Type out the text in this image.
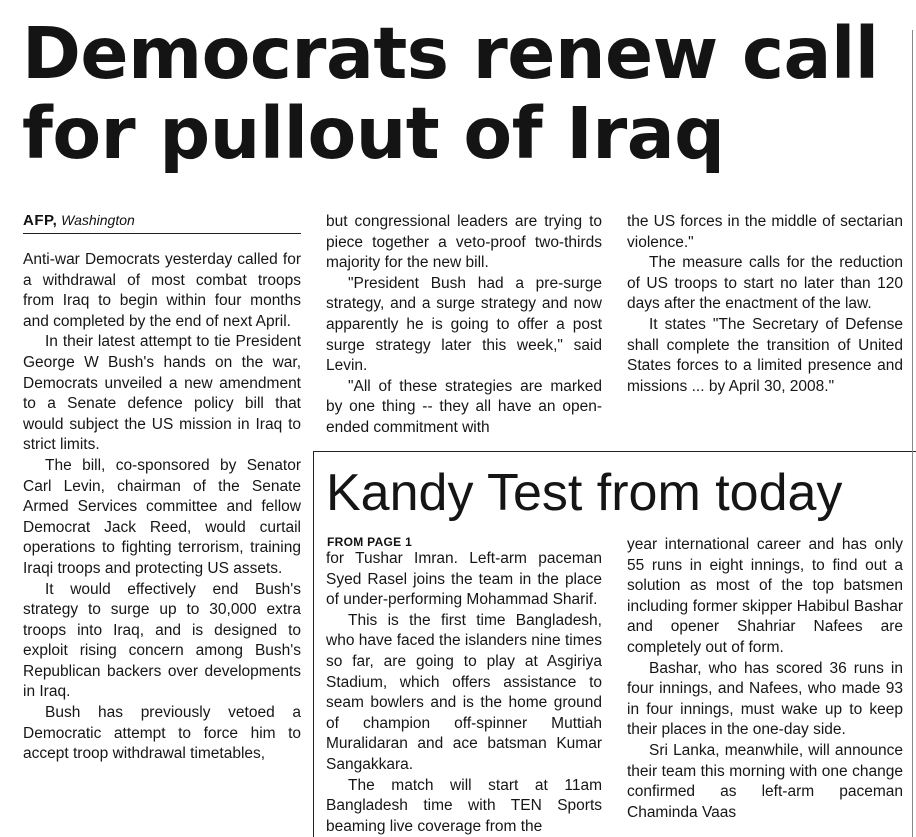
Democrats renew call for pullout of Iraq
AFP, Washington

Anti-war Democrats yesterday called for a withdrawal of most combat troops from Iraq to begin within four months and completed by the end of next April.

In their latest attempt to tie President George W Bush's hands on the war, Democrats unveiled a new amendment to a Senate defence policy bill that would subject the US mission in Iraq to strict limits.

The bill, co-sponsored by Senator Carl Levin, chairman of the Senate Armed Services committee and fellow Democrat Jack Reed, would curtail operations to fighting terrorism, training Iraqi troops and protecting US assets.

It would effectively end Bush's strategy to surge up to 30,000 extra troops into Iraq, and is designed to exploit rising concern among Bush's Republican backers over developments in Iraq.

Bush has previously vetoed a Democratic attempt to force him to accept troop withdrawal timetables,

but congressional leaders are trying to piece together a veto-proof two-thirds majority for the new bill.

"President Bush had a pre-surge strategy, and a surge strategy and now apparently he is going to offer a post surge strategy later this week," said Levin.

"All of these strategies are marked by one thing -- they all have an open-ended commitment with

the US forces in the middle of sectarian violence."

The measure calls for the reduction of US troops to start no later than 120 days after the enactment of the law.

It states "The Secretary of Defense shall complete the transition of United States forces to a limited presence and missions ... by April 30, 2008."

Kandy Test from today
FROM PAGE 1

for Tushar Imran. Left-arm paceman Syed Rasel joins the team in the place of under-performing Mohammad Sharif.

This is the first time Bangladesh, who have faced the islanders nine times so far, are going to play at Asgiriya Stadium, which offers assistance to seam bowlers and is the home ground of champion off-spinner Muttiah Muralidaran and ace batsman Kumar Sangakkara.

The match will start at 11am Bangladesh time with TEN Sports beaming live coverage from the

year international career and has only 55 runs in eight innings, to find out a solution as most of the top batsmen including former skipper Habibul Bashar and opener Shahriar Nafees are completely out of form.

Bashar, who has scored 36 runs in four innings, and Nafees, who made 93 in four innings, must wake up to keep their places in the one-day side.

Sri Lanka, meanwhile, will announce their team this morning with one change confirmed as left-arm paceman Chaminda Vaas
